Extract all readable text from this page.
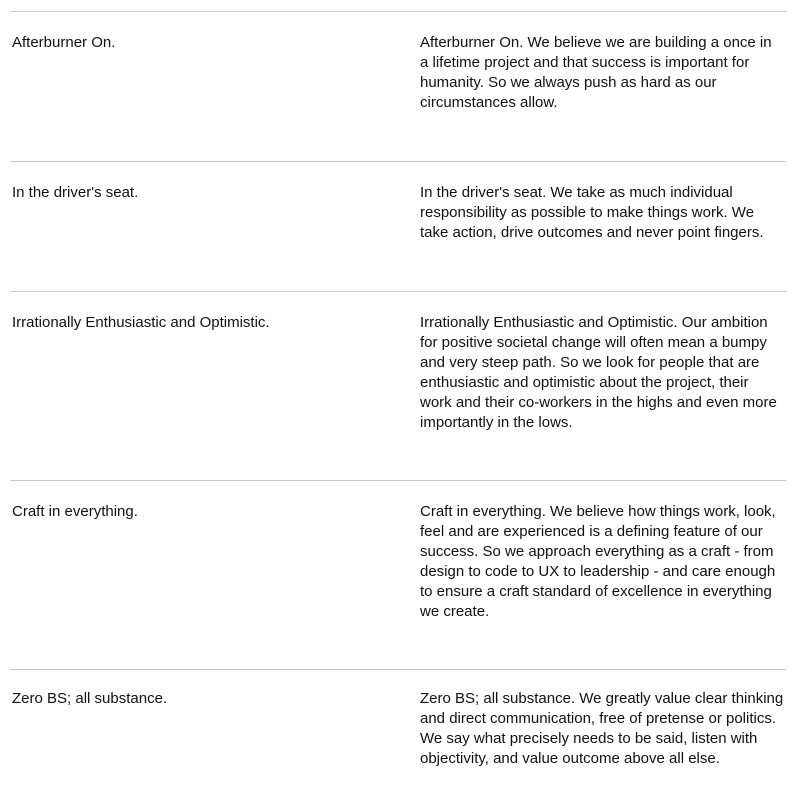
Afterburner On.	Afterburner On. We believe we are building a once in a lifetime project and that success is important for humanity. So we always push as hard as our circumstances allow.
In the driver's seat.	In the driver's seat. We take as much individual responsibility as possible to make things work. We take action, drive outcomes and never point fingers.
Irrationally Enthusiastic and Optimistic.	Irrationally Enthusiastic and Optimistic. Our ambition for positive societal change will often mean a bumpy and very steep path. So we look for people that are enthusiastic and optimistic about the project, their work and their co-workers in the highs and even more importantly in the lows.
Craft in everything.	Craft in everything. We believe how things work, look, feel and are experienced is a defining feature of our success. So we approach everything as a craft - from design to code to UX to leadership - and care enough to ensure a craft standard of excellence in everything we create.
Zero BS; all substance.	Zero BS; all substance. We greatly value clear thinking and direct communication, free of pretense or politics. We say what precisely needs to be said, listen with objectivity, and value outcome above all else.
